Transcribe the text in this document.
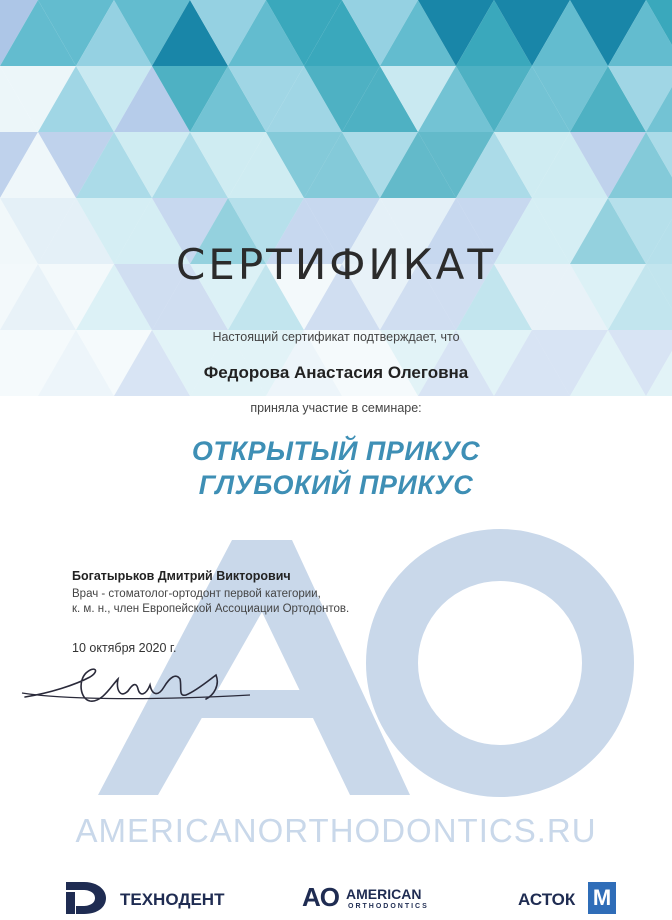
СЕРТИФИКАТ
Настоящий сертификат подтверждает, что
Федорова Анастасия Олеговна
приняла участие в семинаре:
ОТКРЫТЫЙ ПРИКУС
ГЛУБОКИЙ ПРИКУС
Богатырьков Дмитрий Викторович
Врач - стоматолог-ортодонт первой категории,
к. м. н., член Европейской Ассоциации Ортодонтов.
10 октября 2020 г.
AMERICANORTHODONTICS.RU
ТЕХНОДЕНТ	AO AMERICAN
ORTHODONTICS	АСТОК M
